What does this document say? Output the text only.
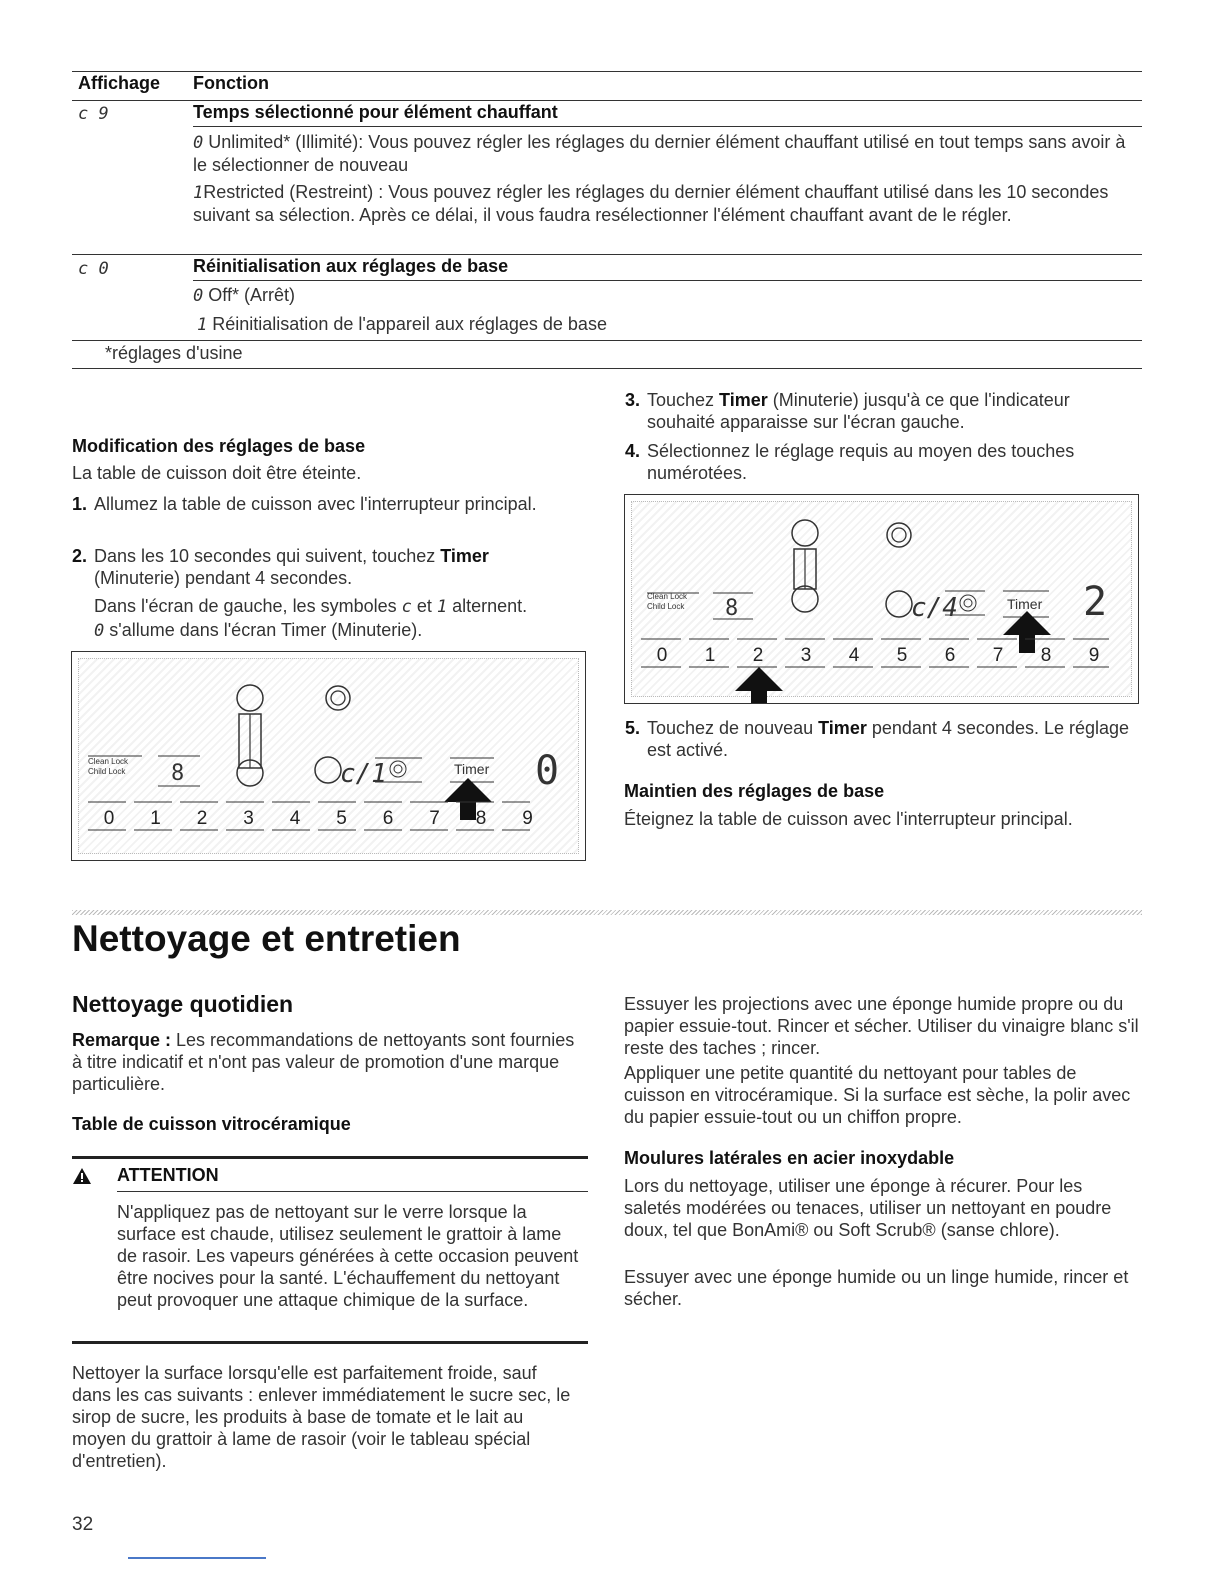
Affichage Fonction
c 9	Temps sélectionné pour élément chauffant
0 Unlimited* (Illimité): Vous pouvez régler les réglages du dernier élément chauffant utilisé en tout temps sans avoir à le sélectionner de nouveau
1Restricted (Restreint) : Vous pouvez régler les réglages du dernier élément chauffant utilisé dans les 10 secondes suivant sa sélection. Après ce délai, il vous faudra resélectionner l'élément chauffant avant de le régler.
c 0	Réinitialisation aux réglages de base
0 Off* (Arrêt)
1 Réinitialisation de l'appareil aux réglages de base
*réglages d'usine
Modification des réglages de base
La table de cuisson doit être éteinte.
1. Allumez la table de cuisson avec l'interrupteur principal.
2. Dans les 10 secondes qui suivent, touchez Timer (Minuterie) pendant 4 secondes.
Dans l'écran de gauche, les symboles c et 1 alternent.
0 s'allume dans l'écran Timer (Minuterie).
Clean Lock
Child Lock 8	c/1	Timer 0
0 1 2 3 4 5 6 7 8 9
3. Touchez Timer (Minuterie) jusqu'à ce que l'indicateur souhaité apparaisse sur l'écran gauche.
4. Sélectionnez le réglage requis au moyen des touches numérotées.
Clean Lock
Child Lock 8	c/4	Timer 2
0 1 2 3 4 5 6 7 8 9
5. Touchez de nouveau Timer pendant 4 secondes. Le réglage est activé.
Maintien des réglages de base
Éteignez la table de cuisson avec l'interrupteur principal.
Nettoyage et entretien
Nettoyage quotidien
Remarque : Les recommandations de nettoyants sont fournies à titre indicatif et n'ont pas valeur de promotion d'une marque particulière.
Table de cuisson vitrocéramique
ATTENTION
N'appliquez pas de nettoyant sur le verre lorsque la surface est chaude, utilisez seulement le grattoir à lame de rasoir. Les vapeurs générées à cette occasion peuvent être nocives pour la santé. L'échauffement du nettoyant peut provoquer une attaque chimique de la surface.
Nettoyer la surface lorsqu'elle est parfaitement froide, sauf dans les cas suivants : enlever immédiatement le sucre sec, le sirop de sucre, les produits à base de tomate et le lait au moyen du grattoir à lame de rasoir (voir le tableau spécial d'entretien).
Essuyer les projections avec une éponge humide propre ou du papier essuie-tout. Rincer et sécher. Utiliser du vinaigre blanc s'il reste des taches ; rincer.
Appliquer une petite quantité du nettoyant pour tables de cuisson en vitrocéramique. Si la surface est sèche, la polir avec du papier essuie-tout ou un chiffon propre.
Moulures latérales en acier inoxydable
Lors du nettoyage, utiliser une éponge à récurer. Pour les saletés modérées ou tenaces, utiliser un nettoyant en poudre doux, tel que BonAmi® ou Soft Scrub® (sanse chlore).
Essuyer avec une éponge humide ou un linge humide, rincer et sécher.
32
